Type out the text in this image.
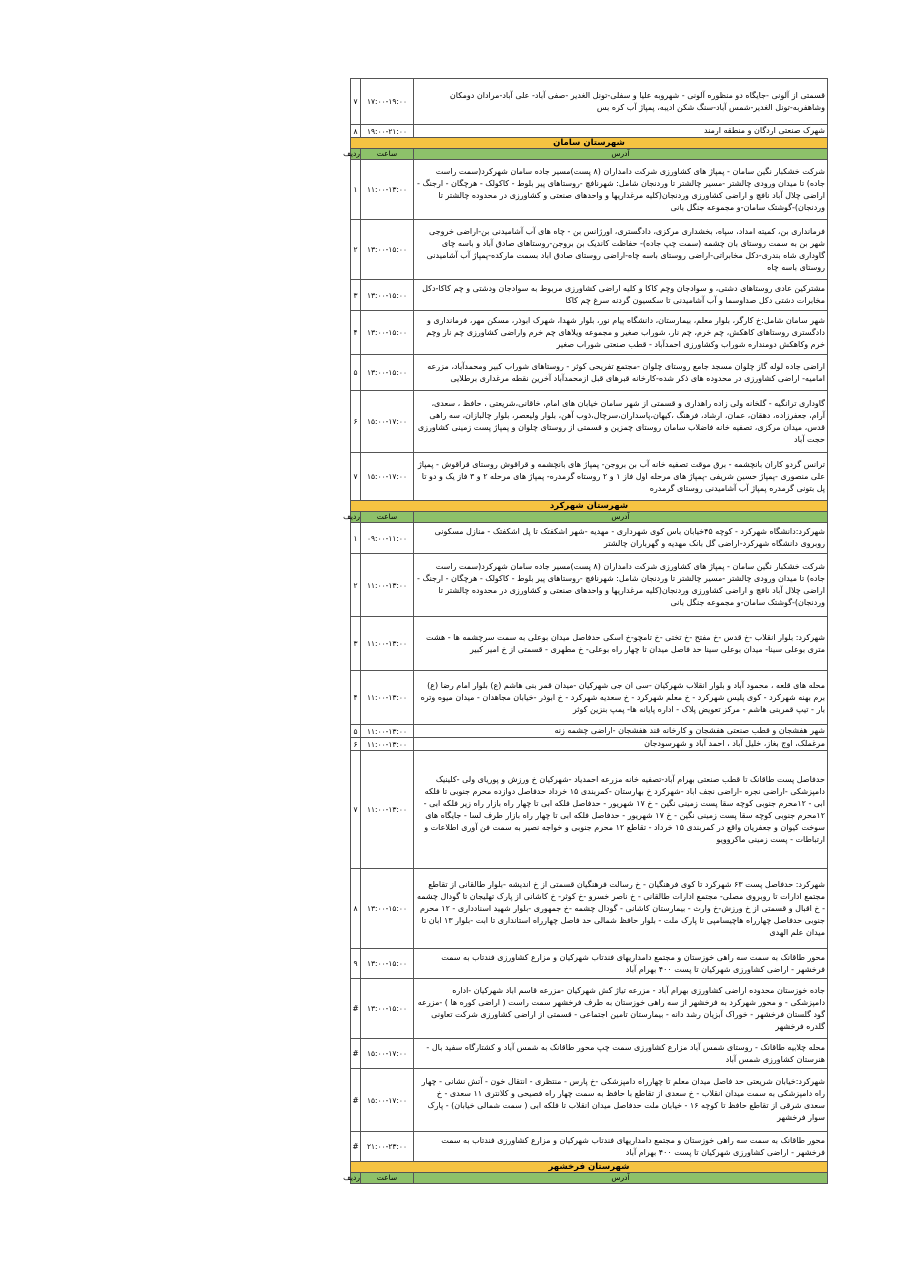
قسمتی از آلونی -جایگاه دو منظوره آلونی - شهروبه علیا و سفلی-تونل الغدیر -صفی آباد- علی آباد-مرادان دومکان وشاهفربه-تونل الغدیر-شمس آباد-سنگ شکن ادیبه، پمپاژ آب کره بس	۱۷:۰۰-۱۹:۰۰	۷
شهرک صنعتی اردگان و منطقه ارمند	۱۹:۰۰-۲۱:۰۰	۸
شهرستان سامان		
آدرس	ساعت	ردیف
شرکت خشکبار نگین سامان - پمپاژ های کشاورزی شرکت دامداران (۸ پست)مسیر جاده سامان شهرکرد(سمت راست جاده) تا میدان ورودی چالشتر -مسیر چالشتر تا وردنجان شامل: شهرنافچ -روستاهای پیر بلوط - کاکولک - هرچگان - ارجنگ - اراضی چلال آباد نافچ و اراضی کشاورزی وردنجان(کلیه مرغداریها و واحدهای صنعتی و کشاورزی در محدوده چالشتر تا وردنجان)-گوشتک سامان-و مجموعه جنگل بانی	۱۱:۰۰-۱۳:۰۰	۱
فرمانداری بن، کمیته امداد، سپاه، بخشداری مرکزی، دادگستری، اورژانس بن - چاه های آب آشامیدنی بن-اراضی خروجی شهر بن به سمت روستای بان چشمه (سمت چپ جاده)- حفاظت کاندیک بن بروجن-روستاهای صادق آباد و باسه چای گاوداری شاه بندری-دکل مخابراتی-اراضی روستای باسه چاه-اراضی روستای صادق اباد بسمت مارکده-پمپاژ آب آشامیدنی روستای باسه چاه	۱۳:۰۰-۱۵:۰۰	۲
مشترکین عادی روستاهای دشتی، و سوادجان وچم کاکا و کلیه اراضی کشاورزی مربوط به سوادجان ودشتی و چم کاکا-دکل مخابرات دشتی دکل صداوسما و آب آشامیدنی تا سکسیون گردنه سرغ چم کاکا	۱۳:۰۰-۱۵:۰۰	۳
شهر سامان شامل:خ کارگر، بلوار معلم، بیمارستان، دانشگاه پیام نور، بلوار شهدا، شهرک ابوذر، مسکن مهر، فرمانداری و دادگستری روستاهای کاهکش، چم خرم، چم نار، شوراب صغیر و مجموعه ویلاهای چم خرم واراضی کشاورزی چم نار وچم خرم وکاهکش دومنداره شوراب وکشاورزی احمدآباد - قطب صنعتی شوراب صغیر	۱۳:۰۰-۱۵:۰۰	۴
اراضی جاده لوله گاز چلوان مسجد جامع روستای چلوان -مجتمع تفریحی کوثر - روستاهای شوراب کبیر ومحمدآباد، مزرعه امامیه- اراضی کشاورزی در محدوده های ذکر شده-کارخانه قبرهای قبل ازمحمدآباد آخرین نقطه مرغداری برطلایی	۱۳:۰۰-۱۵:۰۰	۵
گاوداری ترانگیه - گلخانه ولی زاده راهداری و قسمتی از شهر سامان خیابان های امام، خاقانی،شریعتی ، حافظ ، سعدی، آرام، جعفرزاده، دهقان، عمان، ارشاد، فرهنگ ،کیهان،پاسداران،سرچال،ذوب آهن، بلوار ولیعصر، بلوار چالبازان، سه راهی قدس، میدان مرکزی، تصفیه خانه فاضلاب سامان روستای چمزین و قسمتی از روستای چلوان و پمپاژ پست زمینی کشاورزی حجت آباد	۱۵:۰۰-۱۷:۰۰	۶
ترانس گردو کاران بانچشمه - برق موقت تصفیه خانه آب بن بروجن- پمپاژ های بانچشمه و قراقوش روستای قراقوش - پمپاژ علی منصوری -پمپاژ حسین شریفی -پمپاژ های مرحله اول فاز ۱ و ۲ روستاه گرمدره- پمپاژ های مرحله ۲ و ۳ فاز یک و دو تا پل بتونی گرمدره پمپاژ آب آشامیدنی روستای گرمدره	۱۵:۰۰-۱۷:۰۰	۷
شهرستان شهرکرد		
آدرس	ساعت	ردیف
شهرکرد:دانشگاه شهرکرد - کوچه ۴۵خیابان باس کوی شهرداری - مهدیه -شهر اشکفتک تا پل اشکفتک - منازل مسکونی روبروی دانشگاه شهرکرد-اراضی گل بانک مهدیه و گهرباران چالشتر	۰۹:۰۰-۱۱:۰۰	۱
شرکت خشکبار نگین سامان - پمپاژ های کشاورزی شرکت دامداران (۸ پست)مسیر جاده سامان شهرکرد(سمت راست جاده) تا میدان ورودی چالشتر -مسیر چالشتر تا وردنجان شامل: شهرنافچ -روستاهای پیر بلوط - کاکولک - هرچگان - ارجنگ - اراضی چلال آباد نافچ و اراضی کشاورزی وردنجان(کلیه مرغداریها و واحدهای صنعتی و کشاورزی در محدوده چالشتر تا وردنجان)-گوشتک سامان-و مجموعه جنگل بانی	۱۱:۰۰-۱۳:۰۰	۲
شهرکرد: بلوار انقلاب -خ قدس -خ مفتح -خ تختی -خ تامچو-خ اسکی حدفاصل میدان بوعلی به سمت سرچشمه ها - هشت متری بوعلی سینا- میدان بوعلی سینا حد فاصل میدان تا چهار راه بوعلی- خ مطهری - قسمتی از خ امیر کبیر	۱۱:۰۰-۱۳:۰۰	۳
محله های قلعه ، محمود آباد و بلوار انقلاب شهرکیان -سی ان جی شهرکیان -میدان قمر بنی هاشم (ع) بلوار امام رضا (ع) برم بهنه شهرکرد - کوی پلیس شهرکرد - خ معلم شهرکرد - خ سعدیه شهرکرد - خ ابوذر -خیابان مجاهدان - میدان میوه وتره بار - تیپ قمربنی هاشم - مرکز تعویض پلاک - اداره پایانه ها- پمپ بنزین کوثر	۱۱:۰۰-۱۳:۰۰	۴
شهر هفشجان و قطب صنعتی هفشجان و کارخانه قند هفشجان -اراضی چشمه زنه	۱۱:۰۰-۱۳:۰۰	۵
مرغملک، اوج بغاز، خلیل آباد ، احمد آباد و شهرسودجان	۱۱:۰۰-۱۳:۰۰	۶
حدفاصل پست طاقانک تا قطب صنعتی بهرام آباد-تصفیه خانه مزرعه احمدیاد -شهرکیان خ ورزش و پوریای ولی -کلینیک دامپزشکی -اراضی نجره -اراضی نجف اباد -شهرکرد خ بهارستان -کمربندی ۱۵ خرداد حدفاصل دوازده محرم جنوبی تا فلکه ابی - ۱۲محرم جنوبی کوچه سقا پست زمینی نگین - خ ۱۷ شهریور - حدفاصل فلکه ابی تا چهار راه بازار راه زیر فلکه ابی - ۱۲محرم جنوبی کوچه سقا پست زمینی نگین - خ ۱۷ شهریور - حدفاصل فلکه ابی تا چهار راه بازار طرف لسا - جایگاه های سوخت کیوان و جعفریان واقع در کمربندی ۱۵ خرداد - تقاطع ۱۲ محرم جنوبی و خواجه نصیر به سمت فن آوری اطلاعات و ارتباطات - پست زمینی ماکروویو	۱۱:۰۰-۱۳:۰۰	۷
شهرکرد: حدفاصل پست ۶۳ شهرکرد تا کوی فرهنگیان - خ رسالت فرهنگیان قسمتی از خ اندیشه -بلوار طالقانی از تقاطع مجتمع ادارات تا روبروی مصلی- مجتمع ادارات طالقانی - خ ناصر خسرو -خ کوثر- خ کاشانی از پارک تهلیجان تا گودال چشمه - خ اقبال و قسمتی از خ ورزش-خ وارث - بیمارستان کاشانی - گودال چشمه -خ جمهوری -بلوار شهید اسنادداری - ۱۲ محرم جنوبی حدفاصل چهارراه هاچیسامپی تا پارک ملت - بلوار حافظ شمالی حد فاصل چهارراه استانداری تا ابت -بلوار ۱۳ ابان تا میدان علم الهدی	۱۳:۰۰-۱۵:۰۰	۸
محور طاقانک به سمت سه راهی خوزستان و مجتمع دامداریهای فندتاب شهرکیان و مزارع کشاورزی فندتاب به سمت فرخشهر - اراضی کشاورزی شهرکیان تا پست ۴۰۰ بهرام آباد	۱۳:۰۰-۱۵:۰۰	۹
جاده خوزستان محدوده اراضی کشاورزی بهرام آباد - مزرعه تیاژ کش شهرکیان -مزرعه قاسم اباد شهرکیان -اداره دامپزشکی - و محور شهرکرد به فرخشهر از سه راهی خوزستان به طرف فرخشهر سمت راست ( اراضی کوره ها ) -مزرعه گود گلستان فرخشهر - خوراک آبزیان رشد دانه - بیمارستان تامین اجتماعی - قسمتی از اراضی کشاورزی شرکت تعاونی گلدره فرخشهر	۱۳:۰۰-۱۵:۰۰	#
محله چلابیه طاقانک - روستای شمس آباد مزارع کشاورزی سمت چپ محور طاقانک به شمس آباد و کشتارگاه سفید بال - هنرستان کشاورزی شمس آباد	۱۵:۰۰-۱۷:۰۰	#
شهرکرد:خیابان شریعتی حد فاصل میدان معلم تا چهارراه دامپزشکی -خ پارس - منتظری - انتقال خون - آتش نشانی - چهار راه دامپزشکی به سمت میدان انقلاب - خ سعدی از تقاطع با حافظ به سمت چهار راه فصیحی و کلانتری ۱۱ سعدی - خ سعدی شرقی از تقاطع حافظ تا کوچه ۱۶ - خیابان ملت حدفاصل میدان انقلاب تا فلکه ابی ( سمت شمالی خیابان) - پارک سوار فرخشهر	۱۵:۰۰-۱۷:۰۰	#
محور طاقانک به سمت سه راهی خوزستان و مجتمع دامداریهای فندتاب شهرکیان و مزارع کشاورزی فندتاب به سمت فرخشهر - اراضی کشاورزی شهرکیان تا پست ۴۰۰ بهرام آباد	۲۱:۰۰-۲۳:۰۰	#
شهرستان فرخشهر		
آدرس	ساعت	ردیف
